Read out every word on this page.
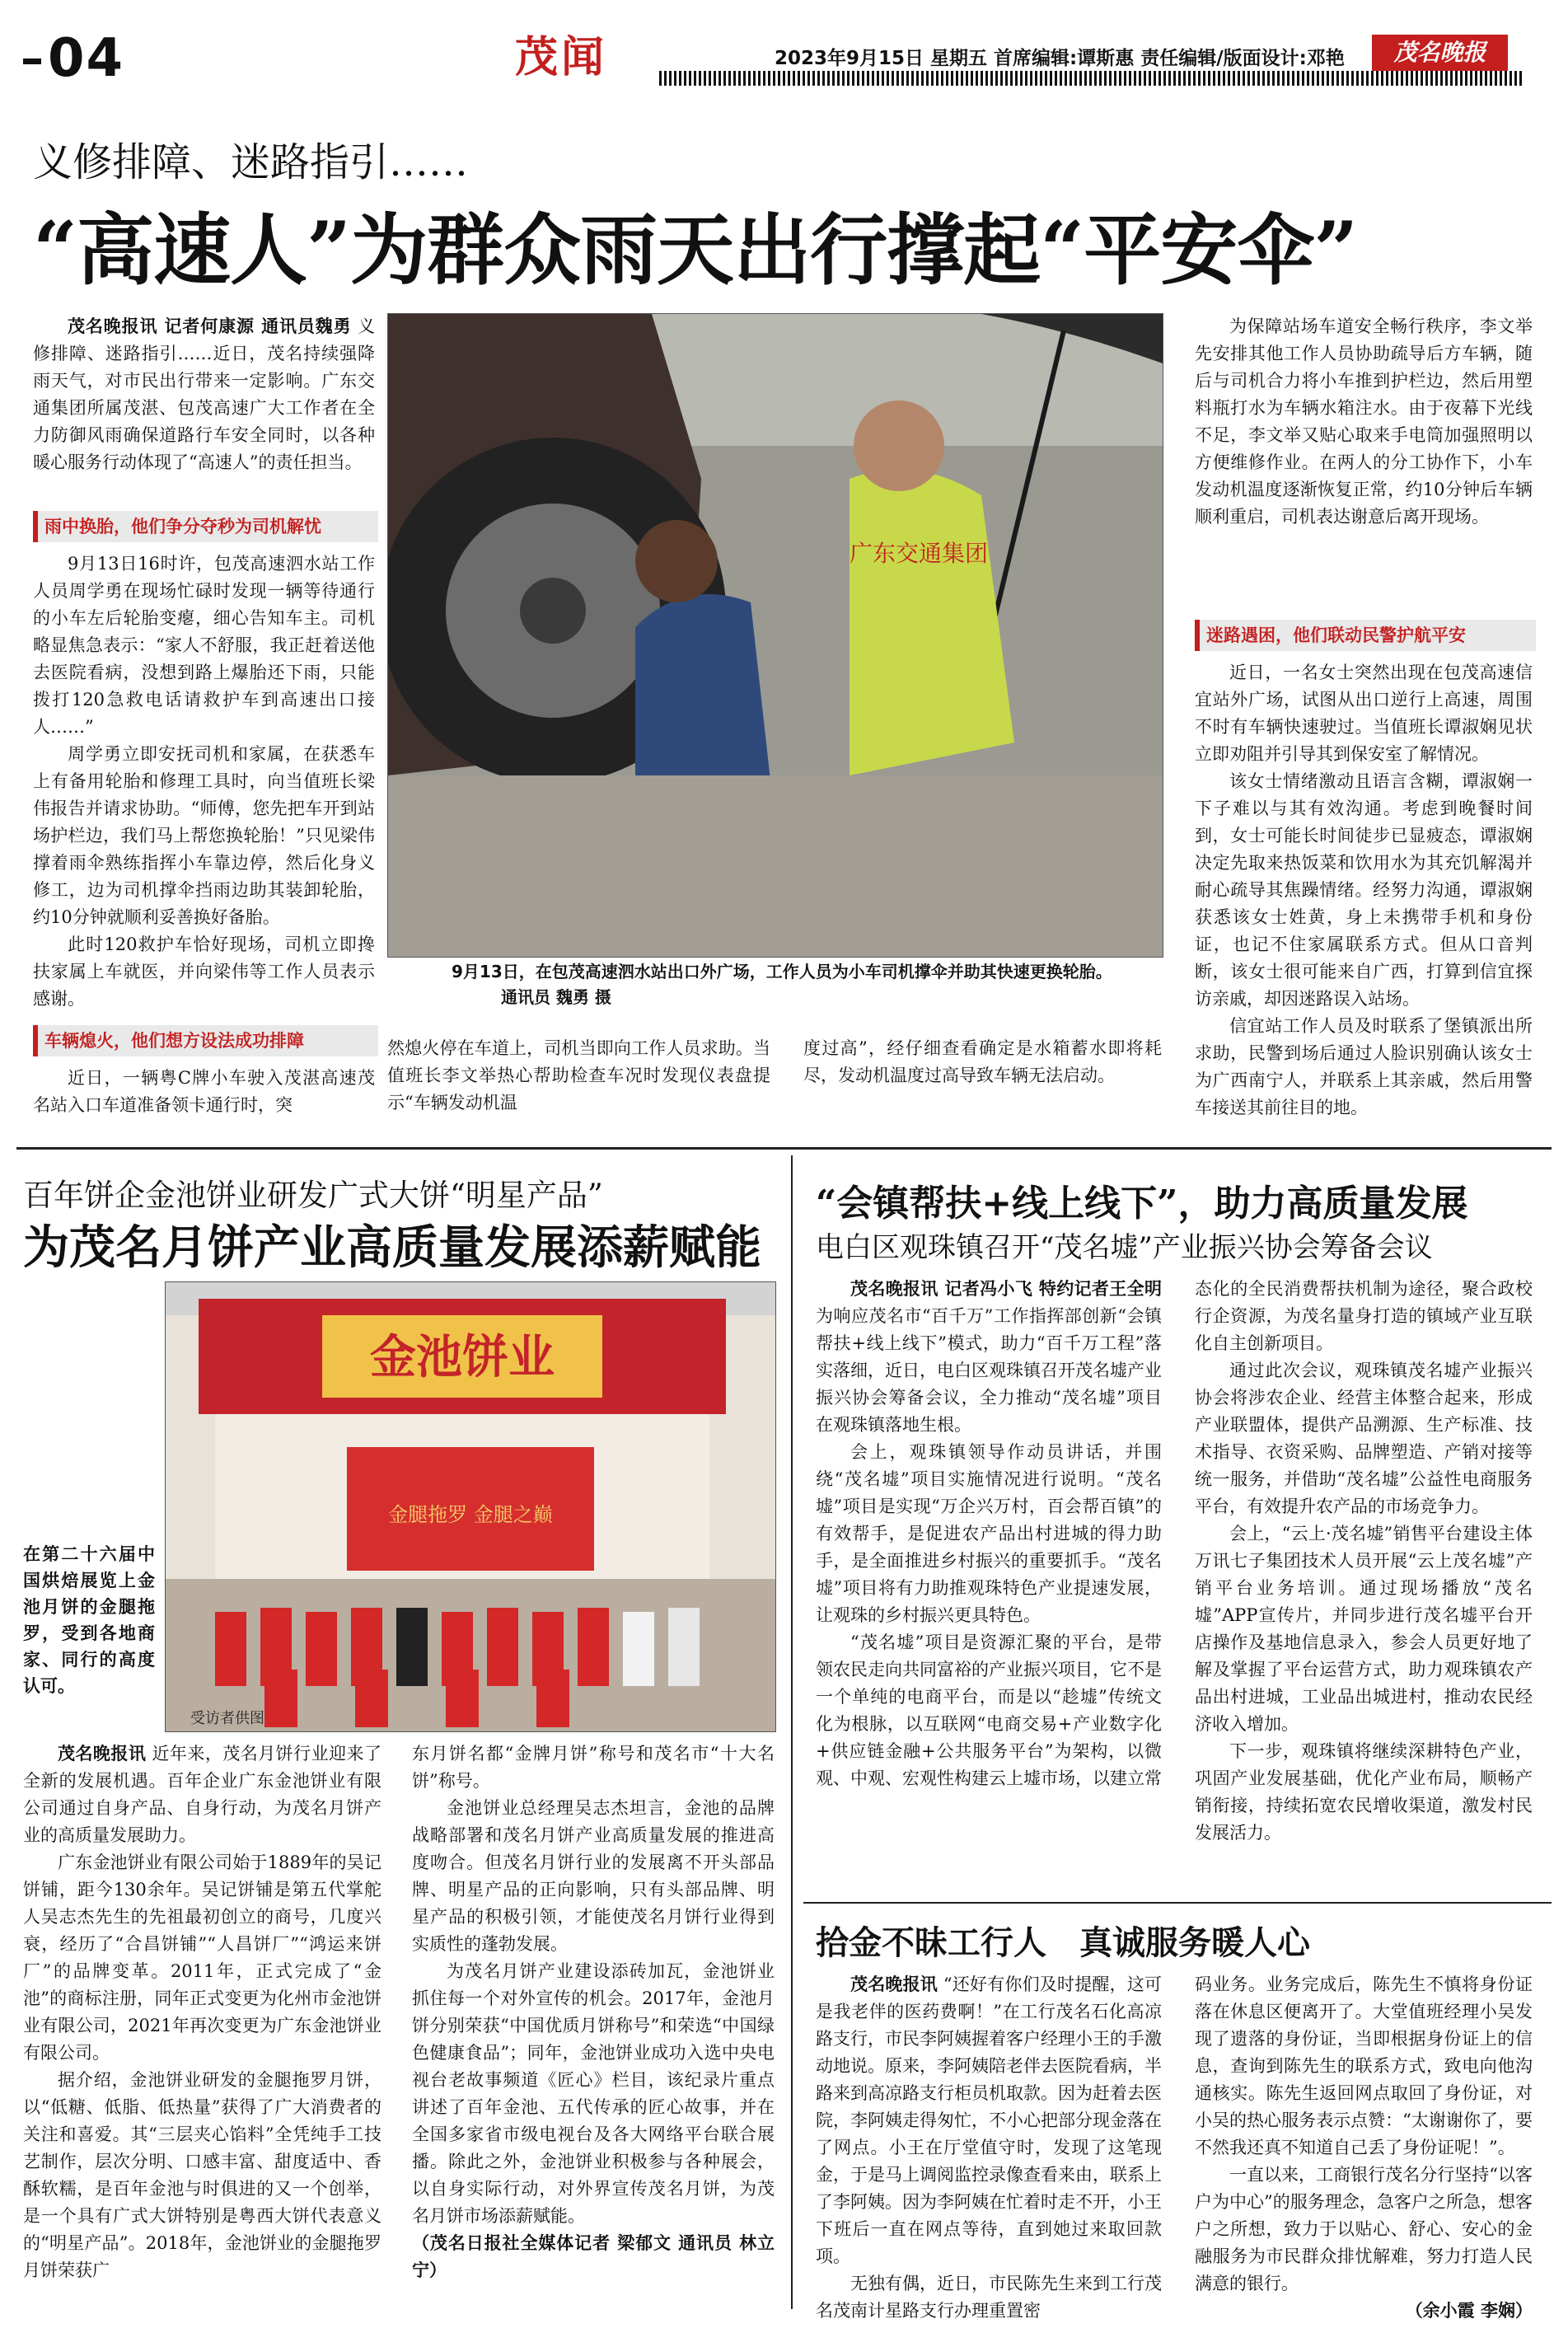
04	茂闻	2023年9月15日 星期五 首席编辑:谭斯惠 责任编辑/版面设计:邓艳	茂名晚报
义修排障、迷路指引……
“高速人”为群众雨天出行撑起“平安伞”

茂名晚报讯 记者何康源 通讯员魏勇 义修排障、迷路指引……近日，茂名持续强降雨天气，对市民出行带来一定影响。广东交通集团所属茂湛、包茂高速广大工作者在全力防御风雨确保道路行车安全同时，以各种暖心服务行动体现了“高速人”的责任担当。

雨中换胎，他们争分夺秒为司机解忧

9月13日16时许，包茂高速泗水站工作人员周学勇在现场忙碌时发现一辆等待通行的小车左后轮胎变瘪，细心告知车主。司机略显焦急表示：“家人不舒服，我正赶着送他去医院看病，没想到路上爆胎还下雨，只能拨打120急救电话请救护车到高速出口接人……”

周学勇立即安抚司机和家属，在获悉车上有备用轮胎和修理工具时，向当值班长梁伟报告并请求协助。“师傅，您先把车开到站场护栏边，我们马上帮您换轮胎！”只见梁伟撑着雨伞熟练指挥小车靠边停，然后化身义修工，边为司机撑伞挡雨边助其装卸轮胎，约10分钟就顺利妥善换好备胎。

此时120救护车恰好现场，司机立即搀扶家属上车就医，并向梁伟等工作人员表示感谢。

车辆熄火，他们想方设法成功排障

近日，一辆粤C牌小车驶入茂湛高速茂名站入口车道准备领卡通行时，突

广东交通集团
9月13日，在包茂高速泗水站出口外广场，工作人员为小车司机撑伞并助其快速更换轮胎。 通讯员 魏勇 摄

然熄火停在车道上，司机当即向工作人员求助。当值班长李文举热心帮助检查车况时发现仪表盘提示“车辆发动机温

度过高”，经仔细查看确定是水箱蓄水即将耗尽，发动机温度过高导致车辆无法启动。

为保障站场车道安全畅行秩序，李文举先安排其他工作人员协助疏导后方车辆，随后与司机合力将小车推到护栏边，然后用塑料瓶打水为车辆水箱注水。由于夜幕下光线不足，李文举又贴心取来手电筒加强照明以方便维修作业。在两人的分工协作下，小车发动机温度逐渐恢复正常，约10分钟后车辆顺利重启，司机表达谢意后离开现场。

迷路遇困，他们联动民警护航平安

近日，一名女士突然出现在包茂高速信宜站外广场，试图从出口逆行上高速，周围不时有车辆快速驶过。当值班长谭淑娴见状立即劝阻并引导其到保安室了解情况。

该女士情绪激动且语言含糊，谭淑娴一下子难以与其有效沟通。考虑到晚餐时间到，女士可能长时间徒步已显疲态，谭淑娴决定先取来热饭菜和饮用水为其充饥解渴并耐心疏导其焦躁情绪。经努力沟通，谭淑娴获悉该女士姓黄，身上未携带手机和身份证，也记不住家属联系方式。但从口音判断，该女士很可能来自广西，打算到信宜探访亲戚，却因迷路误入站场。

信宜站工作人员及时联系了堡镇派出所求助，民警到场后通过人脸识别确认该女士为广西南宁人，并联系上其亲戚，然后用警车接送其前往目的地。

百年饼企金池饼业研发广式大饼“明星产品”
为茂名月饼产业高质量发展添薪赋能
在第二十六届中国烘焙展览上金池月饼的金腿拖罗，受到各地商家、同行的高度认可。
金池饼业
金腿拖罗 金腿之巅
受访者供图

茂名晚报讯 近年来，茂名月饼行业迎来了全新的发展机遇。百年企业广东金池饼业有限公司通过自身产品、自身行动，为茂名月饼产业的高质量发展助力。

广东金池饼业有限公司始于1889年的吴记饼铺，距今130余年。吴记饼铺是第五代掌舵人吴志杰先生的先祖最初创立的商号，几度兴衰，经历了“合昌饼铺”“人昌饼厂”“鸿运来饼厂”的品牌变革。2011年，正式完成了“金池”的商标注册，同年正式变更为化州市金池饼业有限公司，2021年再次变更为广东金池饼业有限公司。

据介绍，金池饼业研发的金腿拖罗月饼，以“低糖、低脂、低热量”获得了广大消费者的关注和喜爱。其“三层夹心馅料”全凭纯手工技艺制作，层次分明、口感丰富、甜度适中、香酥软糯，是百年金池与时俱进的又一个创举，是一个具有广式大饼特别是粤西大饼代表意义的“明星产品”。2018年，金池饼业的金腿拖罗月饼荣获广

东月饼名都“金牌月饼”称号和茂名市“十大名饼”称号。

金池饼业总经理吴志杰坦言，金池的品牌战略部署和茂名月饼产业高质量发展的推进高度吻合。但茂名月饼行业的发展离不开头部品牌、明星产品的正向影响，只有头部品牌、明星产品的积极引领，才能使茂名月饼行业得到实质性的蓬勃发展。

为茂名月饼产业建设添砖加瓦，金池饼业抓住每一个对外宣传的机会。2017年，金池月饼分别荣获“中国优质月饼称号”和荣选“中国绿色健康食品”；同年，金池饼业成功入选中央电视台老故事频道《匠心》栏目，该纪录片重点讲述了百年金池、五代传承的匠心故事，并在全国多家省市级电视台及各大网络平台联合展播。除此之外，金池饼业积极参与各种展会，以自身实际行动，对外界宣传茂名月饼，为茂名月饼市场添薪赋能。

（茂名日报社全媒体记者 梁郁文 通讯员 林立宁）

“会镇帮扶+线上线下”，助力高质量发展
电白区观珠镇召开“茂名墟”产业振兴协会筹备会议

茂名晚报讯 记者冯小飞 特约记者王全明 为响应茂名市“百千万”工作指挥部创新“会镇帮扶+线上线下”模式，助力“百千万工程”落实落细，近日，电白区观珠镇召开茂名墟产业振兴协会筹备会议，全力推动“茂名墟”项目在观珠镇落地生根。

会上，观珠镇领导作动员讲话，并围绕“茂名墟”项目实施情况进行说明。“茂名墟”项目是实现“万企兴万村，百会帮百镇”的有效帮手，是促进农产品出村进城的得力助手，是全面推进乡村振兴的重要抓手。“茂名墟”项目将有力助推观珠特色产业提速发展，让观珠的乡村振兴更具特色。

“茂名墟”项目是资源汇聚的平台，是带领农民走向共同富裕的产业振兴项目，它不是一个单纯的电商平台，而是以“趁墟”传统文化为根脉，以互联网“电商交易+产业数字化+供应链金融+公共服务平台”为架构，以微观、中观、宏观性构建云上墟市场，以建立常

态化的全民消费帮扶机制为途径，聚合政校行企资源，为茂名量身打造的镇域产业互联化自主创新项目。

通过此次会议，观珠镇茂名墟产业振兴协会将涉农企业、经营主体整合起来，形成产业联盟体，提供产品溯源、生产标准、技术指导、衣资采购、品牌塑造、产销对接等统一服务，并借助“茂名墟”公益性电商服务平台，有效提升农产品的市场竞争力。

会上，“云上·茂名墟”销售平台建设主体万讯七子集团技术人员开展“云上茂名墟”产销平台业务培训。通过现场播放“茂名墟”APP宣传片，并同步进行茂名墟平台开店操作及基地信息录入，参会人员更好地了解及掌握了平台运营方式，助力观珠镇农产品出村进城，工业品出城进村，推动农民经济收入增加。

下一步，观珠镇将继续深耕特色产业，巩固产业发展基础，优化产业布局，顺畅产销衔接，持续拓宽农民增收渠道，激发村民发展活力。

拾金不昧工行人　真诚服务暖人心

茂名晚报讯 “还好有你们及时提醒，这可是我老伴的医药费啊！”在工行茂名石化高凉路支行，市民李阿姨握着客户经理小王的手激动地说。原来，李阿姨陪老伴去医院看病，半路来到高凉路支行柜员机取款。因为赶着去医院，李阿姨走得匆忙，不小心把部分现金落在了网点。小王在厅堂值守时，发现了这笔现金，于是马上调阅监控录像查看来由，联系上了李阿姨。因为李阿姨在忙着时走不开，小王下班后一直在网点等待，直到她过来取回款项。

无独有偶，近日，市民陈先生来到工行茂名茂南计星路支行办理重置密

码业务。业务完成后，陈先生不慎将身份证落在休息区便离开了。大堂值班经理小吴发现了遗落的身份证，当即根据身份证上的信息，查询到陈先生的联系方式，致电向他沟通核实。陈先生返回网点取回了身份证，对小吴的热心服务表示点赞：“太谢谢你了，要不然我还真不知道自己丢了身份证呢！”。

一直以来，工商银行茂名分行坚持“以客户为中心”的服务理念，急客户之所急，想客户之所想，致力于以贴心、舒心、安心的金融服务为市民群众排忧解难，努力打造人民满意的银行。

（余小霞 李娴）
